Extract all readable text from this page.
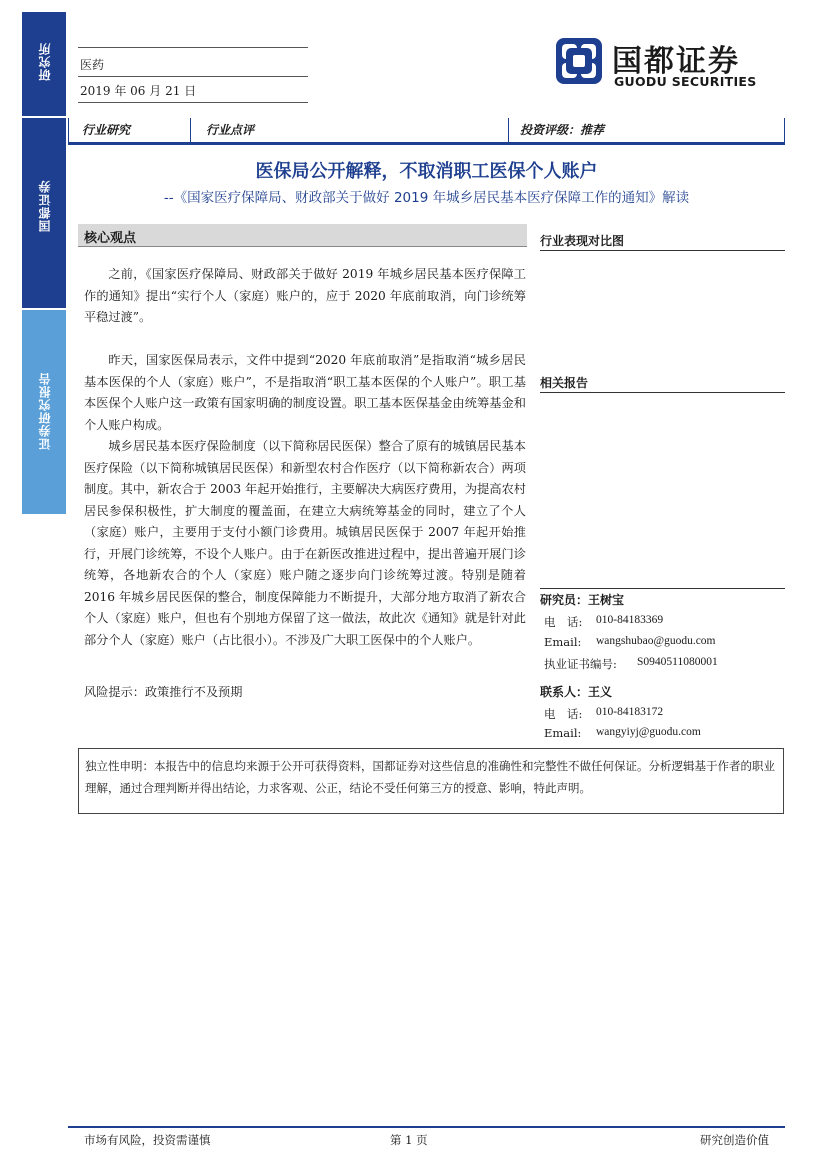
研究所
国都证券
证券研究报告
医药
2019 年 06 月 21 日
国都证券
GUODU SECURITIES
行业研究	行业点评	投资评级：推荐
医保局公开解释，不取消职工医保个人账户
--《国家医疗保障局、财政部关于做好 2019 年城乡居民基本医疗保障工作的通知》解读
核心观点

之前，《国家医疗保障局、财政部关于做好 2019 年城乡居民基本医疗保障工作的通知》提出“实行个人（家庭）账户的，应于 2020 年底前取消，向门诊统筹平稳过渡”。

昨天，国家医保局表示，文件中提到“2020 年底前取消”是指取消“城乡居民基本医保的个人（家庭）账户”，不是指取消“职工基本医保的个人账户”。职工基本医保个人账户这一政策有国家明确的制度设置。职工基本医保基金由统筹基金和个人账户构成。

城乡居民基本医疗保险制度（以下简称居民医保）整合了原有的城镇居民基本医疗保险（以下简称城镇居民医保）和新型农村合作医疗（以下简称新农合）两项制度。其中，新农合于 2003 年起开始推行，主要解决大病医疗费用，为提高农村居民参保积极性，扩大制度的覆盖面，在建立大病统筹基金的同时，建立了个人（家庭）账户，主要用于支付小额门诊费用。城镇居民医保于 2007 年起开始推行，开展门诊统筹，不设个人账户。由于在新医改推进过程中，提出普遍开展门诊统筹，各地新农合的个人（家庭）账户随之逐步向门诊统筹过渡。特别是随着 2016 年城乡居民医保的整合，制度保障能力不断提升，大部分地方取消了新农合个人（家庭）账户，但也有个别地方保留了这一做法，故此次《通知》就是针对此部分个人（家庭）账户（占比很小）。不涉及广大职工医保中的个人账户。

风险提示：政策推行不及预期
行业表现对比图
相关报告
研究员：王树宝
电　话: 010-84183369
Email: wangshubao@guodu.com
执业证书编号: S0940511080001
联系人：王义
电　话: 010-84183172
Email: wangyiyj@guodu.com
独立性申明：本报告中的信息均来源于公开可获得资料，国都证券对这些信息的准确性和完整性不做任何保证。分析逻辑基于作者的职业理解，通过合理判断并得出结论，力求客观、公正，结论不受任何第三方的授意、影响，特此声明。
市场有风险，投资需谨慎	第 1 页	研究创造价值
